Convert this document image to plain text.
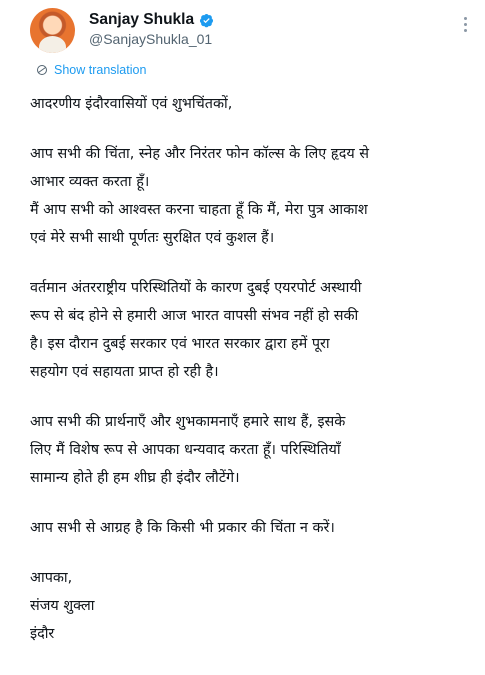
Sanjay Shukla
@SanjayShukla_01
Show translation

आदरणीय इंदौरवासियों एवं शुभचिंतकों,

आप सभी की चिंता, स्नेह और निरंतर फोन कॉल्स के लिए हृदय से
आभार व्यक्त करता हूँ।
मैं आप सभी को आश्वस्त करना चाहता हूँ कि मैं, मेरा पुत्र आकाश
एवं मेरे सभी साथी पूर्णतः सुरक्षित एवं कुशल हैं।

वर्तमान अंतरराष्ट्रीय परिस्थितियों के कारण दुबई एयरपोर्ट अस्थायी
रूप से बंद होने से हमारी आज भारत वापसी संभव नहीं हो सकी
है। इस दौरान दुबई सरकार एवं भारत सरकार द्वारा हमें पूरा
सहयोग एवं सहायता प्राप्त हो रही है।

आप सभी की प्रार्थनाएँ और शुभकामनाएँ हमारे साथ हैं, इसके
लिए मैं विशेष रूप से आपका धन्यवाद करता हूँ। परिस्थितियाँ
सामान्य होते ही हम शीघ्र ही इंदौर लौटेंगे।

आप सभी से आग्रह है कि किसी भी प्रकार की चिंता न करें।

आपका,
संजय शुक्ला
इंदौर
